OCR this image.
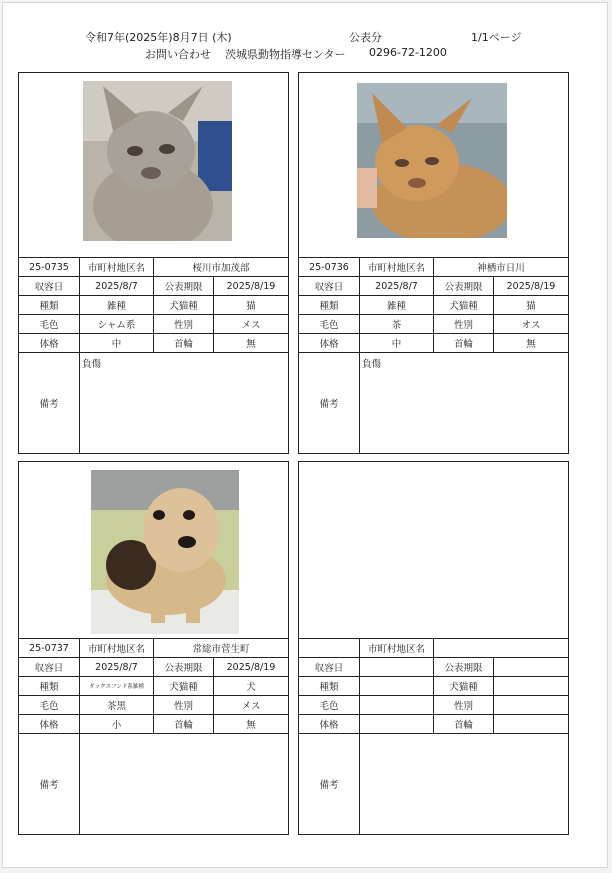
令和7年(2025年)8月7日 (木)	公表分	1/1ページ
お問い合わせ 茨城県動物指導センター 0296-72-1200
25-0735	市町村地区名	桜川市加茂部
収容日	2025/8/7	公表期限	2025/8/19
種類	雑種	犬猫種	猫
毛色	シャム系	性別	メス
体格	中	首輪	無
備考
負傷
25-0736	市町村地区名	神栖市日川
収容日	2025/8/7	公表期限	2025/8/19
種類	雑種	犬猫種	猫
毛色	茶	性別	オス
体格	中	首輪	無
備考
負傷
25-0737	市町村地区名	常総市菅生町
収容日	2025/8/7	公表期限	2025/8/19
種類	ダックスフンド系雑種	犬猫種	犬
毛色	茶黒	性別	メス
体格	小	首輪	無
備考
市町村地区名
収容日	公表期限
種類	犬猫種
毛色	性別
体格	首輪
備考
